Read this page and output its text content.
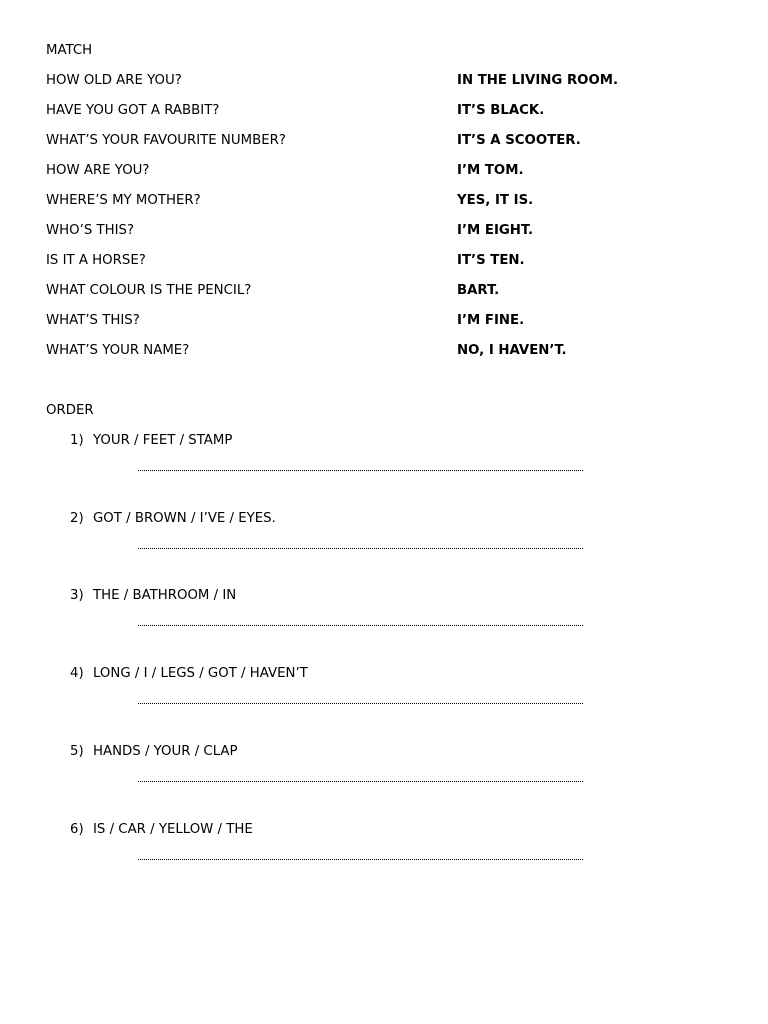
MATCH
HOW OLD ARE YOU?	IN THE LIVING ROOM.
HAVE YOU GOT A RABBIT?	IT’S BLACK.
WHAT’S YOUR FAVOURITE NUMBER?	IT’S A SCOOTER.
HOW ARE YOU?	I’M TOM.
WHERE’S MY MOTHER?	YES, IT IS.
WHO’S THIS?	I’M EIGHT.
IS IT A HORSE?	IT’S TEN.
WHAT COLOUR IS THE PENCIL?	BART.
WHAT’S THIS?	I’M FINE.
WHAT’S YOUR NAME?	NO, I HAVEN’T.
ORDER
1) YOUR / FEET / STAMP
2) GOT / BROWN / I’VE / EYES.
3) THE / BATHROOM / IN
4) LONG / I / LEGS / GOT / HAVEN’T
5) HANDS / YOUR / CLAP
6) IS / CAR / YELLOW / THE
